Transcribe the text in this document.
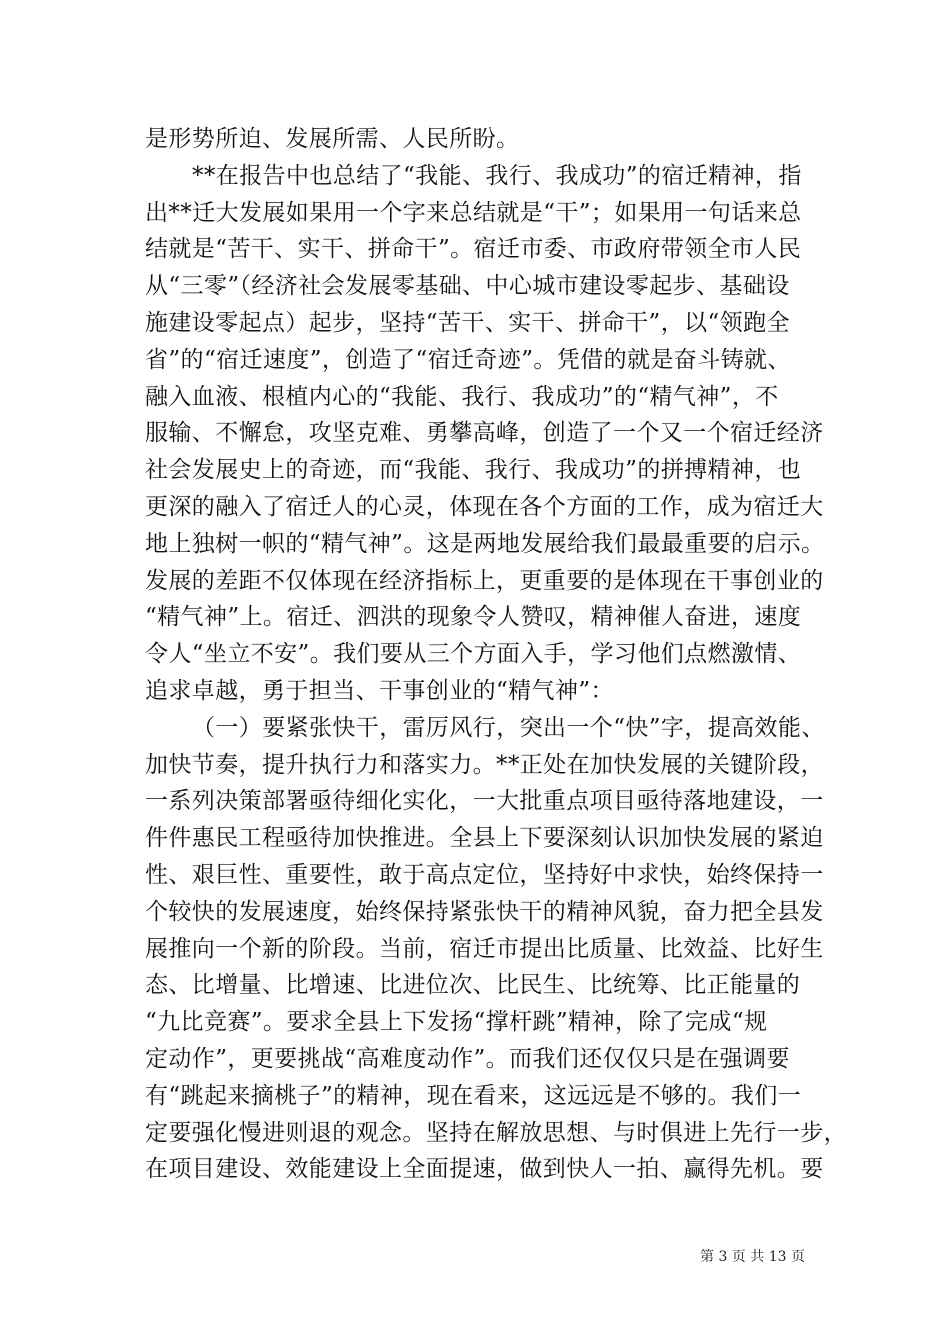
是形势所迫、发展所需、人民所盼。
**在报告中也总结了“我能、我行、我成功”的宿迁精神，指
出**迁大发展如果用一个字来总结就是“干”；如果用一句话来总
结就是“苦干、实干、拼命干”。宿迁市委、市政府带领全市人民
从“三零”（经济社会发展零基础、中心城市建设零起步、基础设
施建设零起点）起步，坚持“苦干、实干、拼命干”，以“领跑全
省”的“宿迁速度”，创造了“宿迁奇迹”。凭借的就是奋斗铸就、
融入血液、根植内心的“我能、我行、我成功”的“精气神”，不
服输、不懈怠，攻坚克难、勇攀高峰，创造了一个又一个宿迁经济
社会发展史上的奇迹，而“我能、我行、我成功”的拼搏精神，也
更深的融入了宿迁人的心灵，体现在各个方面的工作，成为宿迁大
地上独树一帜的“精气神”。这是两地发展给我们最最重要的启示。
发展的差距不仅体现在经济指标上，更重要的是体现在干事创业的
“精气神”上。宿迁、泗洪的现象令人赞叹，精神催人奋进，速度
令人“坐立不安”。我们要从三个方面入手，学习他们点燃激情、
追求卓越，勇于担当、干事创业的“精气神”：
（一）要紧张快干，雷厉风行，突出一个“快”字，提高效能、
加快节奏，提升执行力和落实力。**正处在加快发展的关键阶段，
一系列决策部署亟待细化实化，一大批重点项目亟待落地建设，一
件件惠民工程亟待加快推进。全县上下要深刻认识加快发展的紧迫
性、艰巨性、重要性，敢于高点定位，坚持好中求快，始终保持一
个较快的发展速度，始终保持紧张快干的精神风貌，奋力把全县发
展推向一个新的阶段。当前，宿迁市提出比质量、比效益、比好生
态、比增量、比增速、比进位次、比民生、比统筹、比正能量的
“九比竞赛”。要求全县上下发扬“撑杆跳”精神，除了完成“规
定动作”，更要挑战“高难度动作”。而我们还仅仅只是在强调要
有“跳起来摘桃子”的精神，现在看来，这远远是不够的。我们一
定要强化慢进则退的观念。坚持在解放思想、与时俱进上先行一步，
在项目建设、效能建设上全面提速，做到快人一拍、赢得先机。要
第 3 页 共 13 页
